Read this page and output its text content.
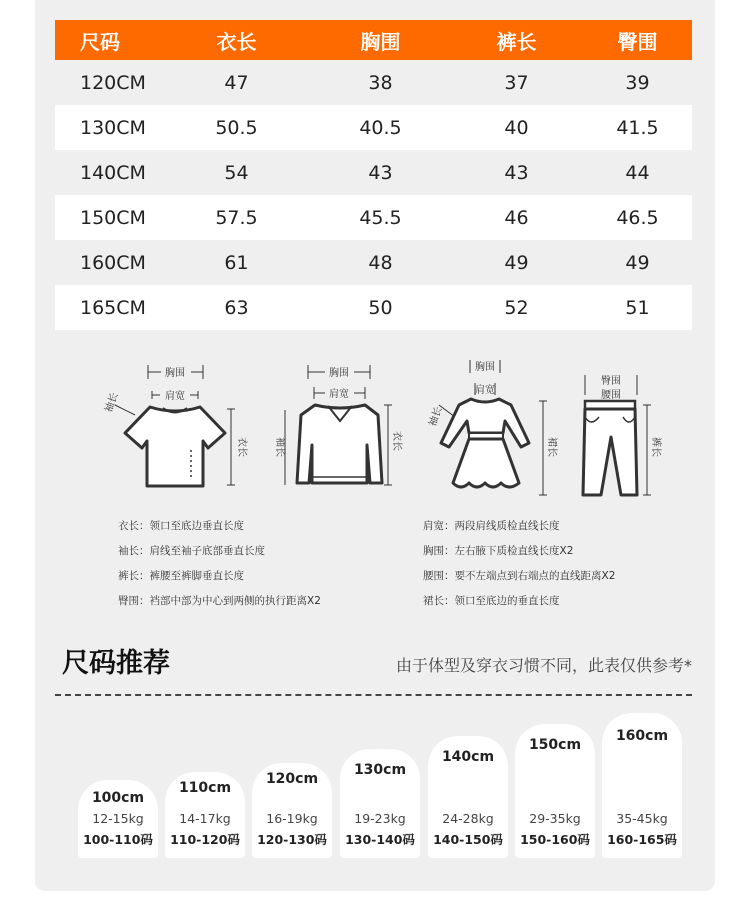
尺码	衣长	胸围	裤长	臀围
120CM	47	38	37	39
130CM	50.5	40.5	40	41.5
140CM	54	43	43	44
150CM	57.5	45.5	46	46.5
160CM	61	48	49	49
165CM	63	50	52	51
胸围
肩宽
袖长
衣长
胸围
肩宽
袖长	衣长
胸围
肩宽
袖长
裙长
臀围
腰围
裤长
衣长：领口至底边垂直长度
袖长：肩线至袖子底部垂直长度
裤长：裤腰至裤脚垂直长度
臀围：裆部中部为中心到两侧的执行距离X2
肩宽：两段肩线质检直线长度
胸围：左右腋下质检直线长度X2
腰围：要不左端点到右端点的直线距离X2
裙长：领口至底边的垂直长度
尺码推荐	由于体型及穿衣习惯不同，此表仅供参考*
100cm
12-15kg
100-110码
110cm
14-17kg
110-120码
120cm
16-19kg
120-130码
130cm
19-23kg
130-140码
140cm
24-28kg
140-150码
150cm
29-35kg
150-160码
160cm
35-45kg
160-165码
